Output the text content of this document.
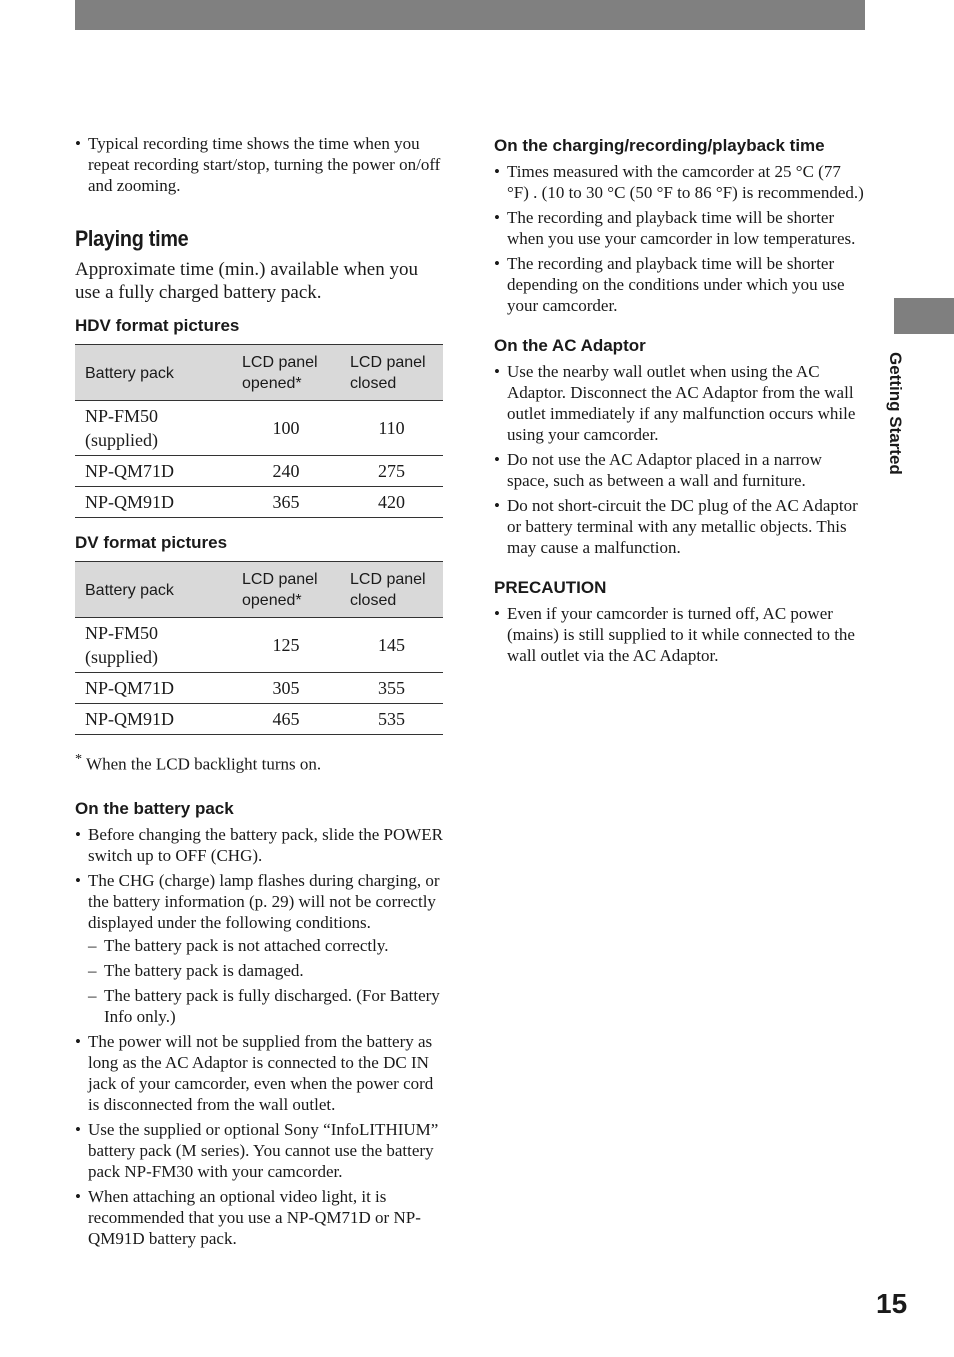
• Typical recording time shows the time when you repeat recording start/stop, turning the power on/off and zooming.
Playing time

Approximate time (min.) available when you use a fully charged battery pack.

HDV format pictures
Battery pack	LCD panel opened*	LCD panel closed
NP-FM50 (supplied)	100	110
NP-QM71D	240	275
NP-QM91D	365	420
DV format pictures
Battery pack	LCD panel opened*	LCD panel closed
NP-FM50 (supplied)	125	145
NP-QM71D	305	355
NP-QM91D	465	535

* When the LCD backlight turns on.

On the battery pack
• Before changing the battery pack, slide the POWER switch up to OFF (CHG).
• The CHG (charge) lamp flashes during charging, or the battery information (p. 29) will not be correctly displayed under the following conditions.
– The battery pack is not attached correctly.
– The battery pack is damaged.
– The battery pack is fully discharged. (For Battery Info only.)
• The power will not be supplied from the battery as long as the AC Adaptor is connected to the DC IN jack of your camcorder, even when the power cord is disconnected from the wall outlet.
• Use the supplied or optional Sony “InfoLITHIUM” battery pack (M series). You cannot use the battery pack NP-FM30 with your camcorder.
• When attaching an optional video light, it is recommended that you use a NP-QM71D or NP-QM91D battery pack.
On the charging/recording/playback time
• Times measured with the camcorder at 25 °C (77 °F) . (10 to 30 °C (50 °F to 86 °F) is recommended.)
• The recording and playback time will be shorter when you use your camcorder in low temperatures.
• The recording and playback time will be shorter depending on the conditions under which you use your camcorder.
On the AC Adaptor
• Use the nearby wall outlet when using the AC Adaptor. Disconnect the AC Adaptor from the wall outlet immediately if any malfunction occurs while using your camcorder.
• Do not use the AC Adaptor placed in a narrow space, such as between a wall and furniture.
• Do not short-circuit the DC plug of the AC Adaptor or battery terminal with any metallic objects. This may cause a malfunction.
PRECAUTION
• Even if your camcorder is turned off, AC power (mains) is still supplied to it while connected to the wall outlet via the AC Adaptor.
Getting Started
15
